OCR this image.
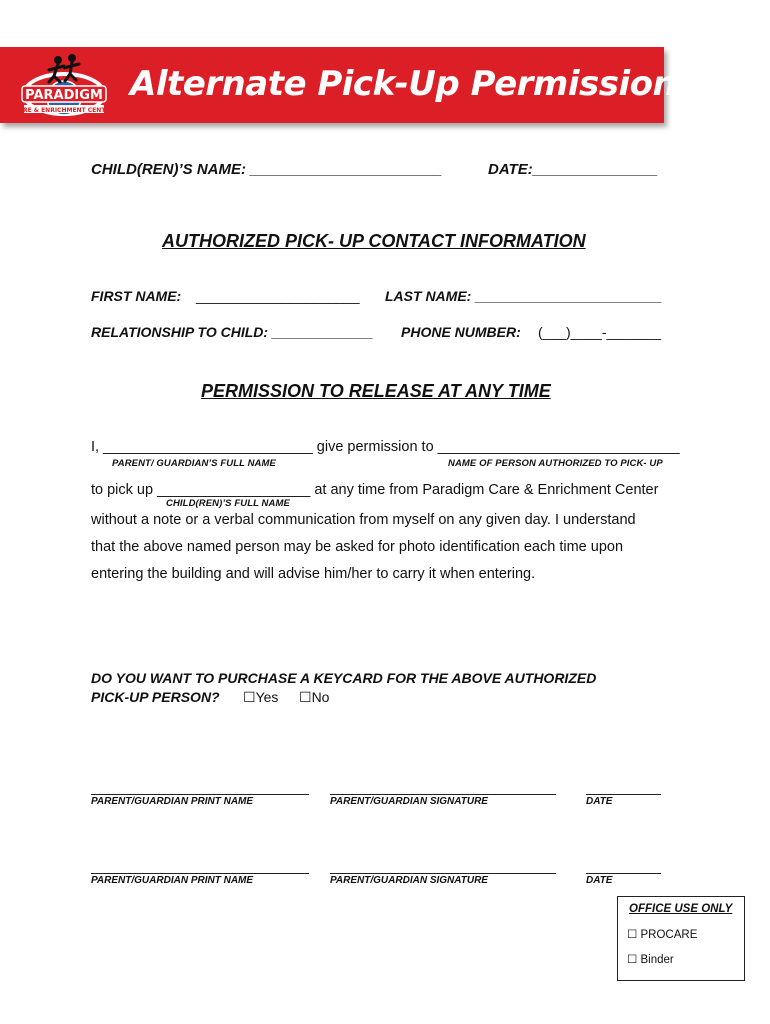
PARADIGM
CARE & ENRICHMENT CENTER
Alternate Pick-Up Permission
CHILD(REN)’S NAME: _______________________	DATE:_______________
AUTHORIZED PICK- UP CONTACT INFORMATION
FIRST NAME: _____________________ LAST NAME: ________________________
RELATIONSHIP TO CHILD: _____________ PHONE NUMBER: (___)____-_______
PERMISSION TO RELEASE AT ANY TIME
I, __________________________ give permission to ______________________________
PARENT/ GUARDIAN’S FULL NAME	NAME OF PERSON AUTHORIZED TO PICK- UP
to pick up ___________________ at any time from Paradigm Care & Enrichment Center
CHILD(REN)’S FULL NAME
without a note or a verbal communication from myself on any given day. I understand
that the above named person may be asked for photo identification each time upon
entering the building and will advise him/her to carry it when entering.
DO YOU WANT TO PURCHASE A KEYCARD FOR THE ABOVE AUTHORIZED
PICK-UP PERSON? ☐Yes ☐No
PARENT/GUARDIAN PRINT NAME	PARENT/GUARDIAN SIGNATURE	DATE
PARENT/GUARDIAN PRINT NAME	PARENT/GUARDIAN SIGNATURE	DATE
OFFICE USE ONLY
☐ PROCARE
☐ Binder
